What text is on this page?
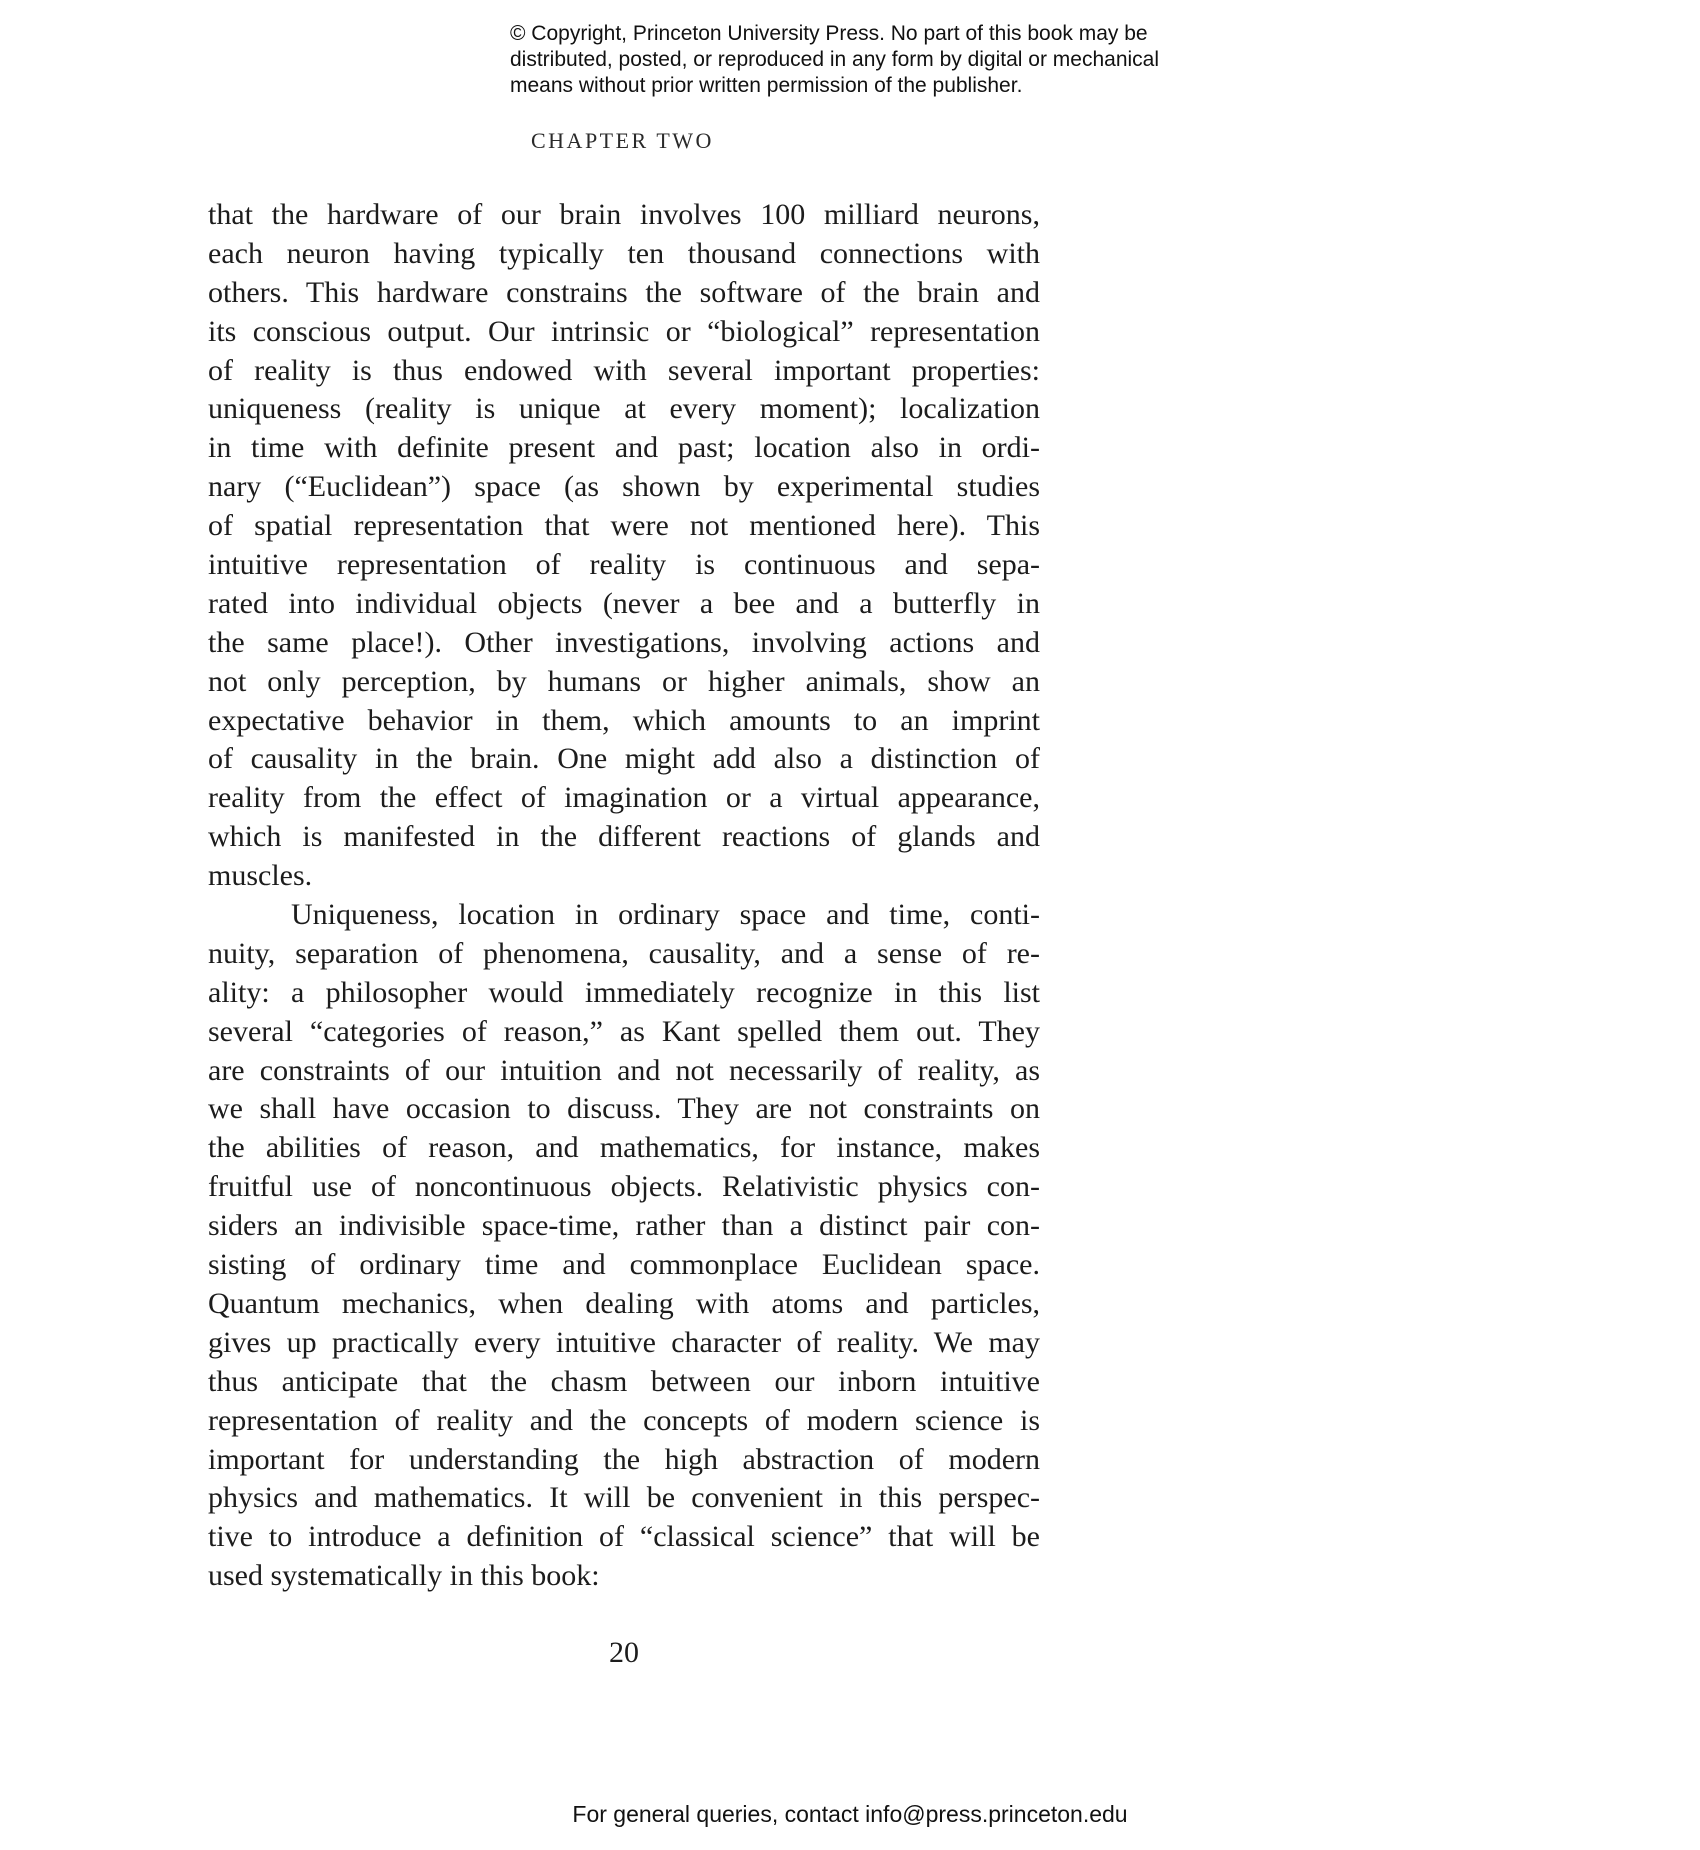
© Copyright, Princeton University Press. No part of this book may be
distributed, posted, or reproduced in any form by digital or mechanical
means without prior written permission of the publisher.
CHAPTER TWO
that the hardware of our brain involves 100 milliard neurons,
each neuron having typically ten thousand connections with
others. This hardware constrains the software of the brain and
its conscious output. Our intrinsic or “biological” representation
of reality is thus endowed with several important properties:
uniqueness (reality is unique at every moment); localization
in time with definite present and past; location also in ordi-
nary (“Euclidean”) space (as shown by experimental studies
of spatial representation that were not mentioned here). This
intuitive representation of reality is continuous and sepa-
rated into individual objects (never a bee and a butterfly in
the same place!). Other investigations, involving actions and
not only perception, by humans or higher animals, show an
expectative behavior in them, which amounts to an imprint
of causality in the brain. One might add also a distinction of
reality from the effect of imagination or a virtual appearance,
which is manifested in the different reactions of glands and
muscles.
Uniqueness, location in ordinary space and time, conti-
nuity, separation of phenomena, causality, and a sense of re-
ality: a philosopher would immediately recognize in this list
several “categories of reason,” as Kant spelled them out. They
are constraints of our intuition and not necessarily of reality, as
we shall have occasion to discuss. They are not constraints on
the abilities of reason, and mathematics, for instance, makes
fruitful use of noncontinuous objects. Relativistic physics con-
siders an indivisible space-time, rather than a distinct pair con-
sisting of ordinary time and commonplace Euclidean space.
Quantum mechanics, when dealing with atoms and particles,
gives up practically every intuitive character of reality. We may
thus anticipate that the chasm between our inborn intuitive
representation of reality and the concepts of modern science is
important for understanding the high abstraction of modern
physics and mathematics. It will be convenient in this perspec-
tive to introduce a definition of “classical science” that will be
used systematically in this book:
20
For general queries, contact info@press.princeton.edu
